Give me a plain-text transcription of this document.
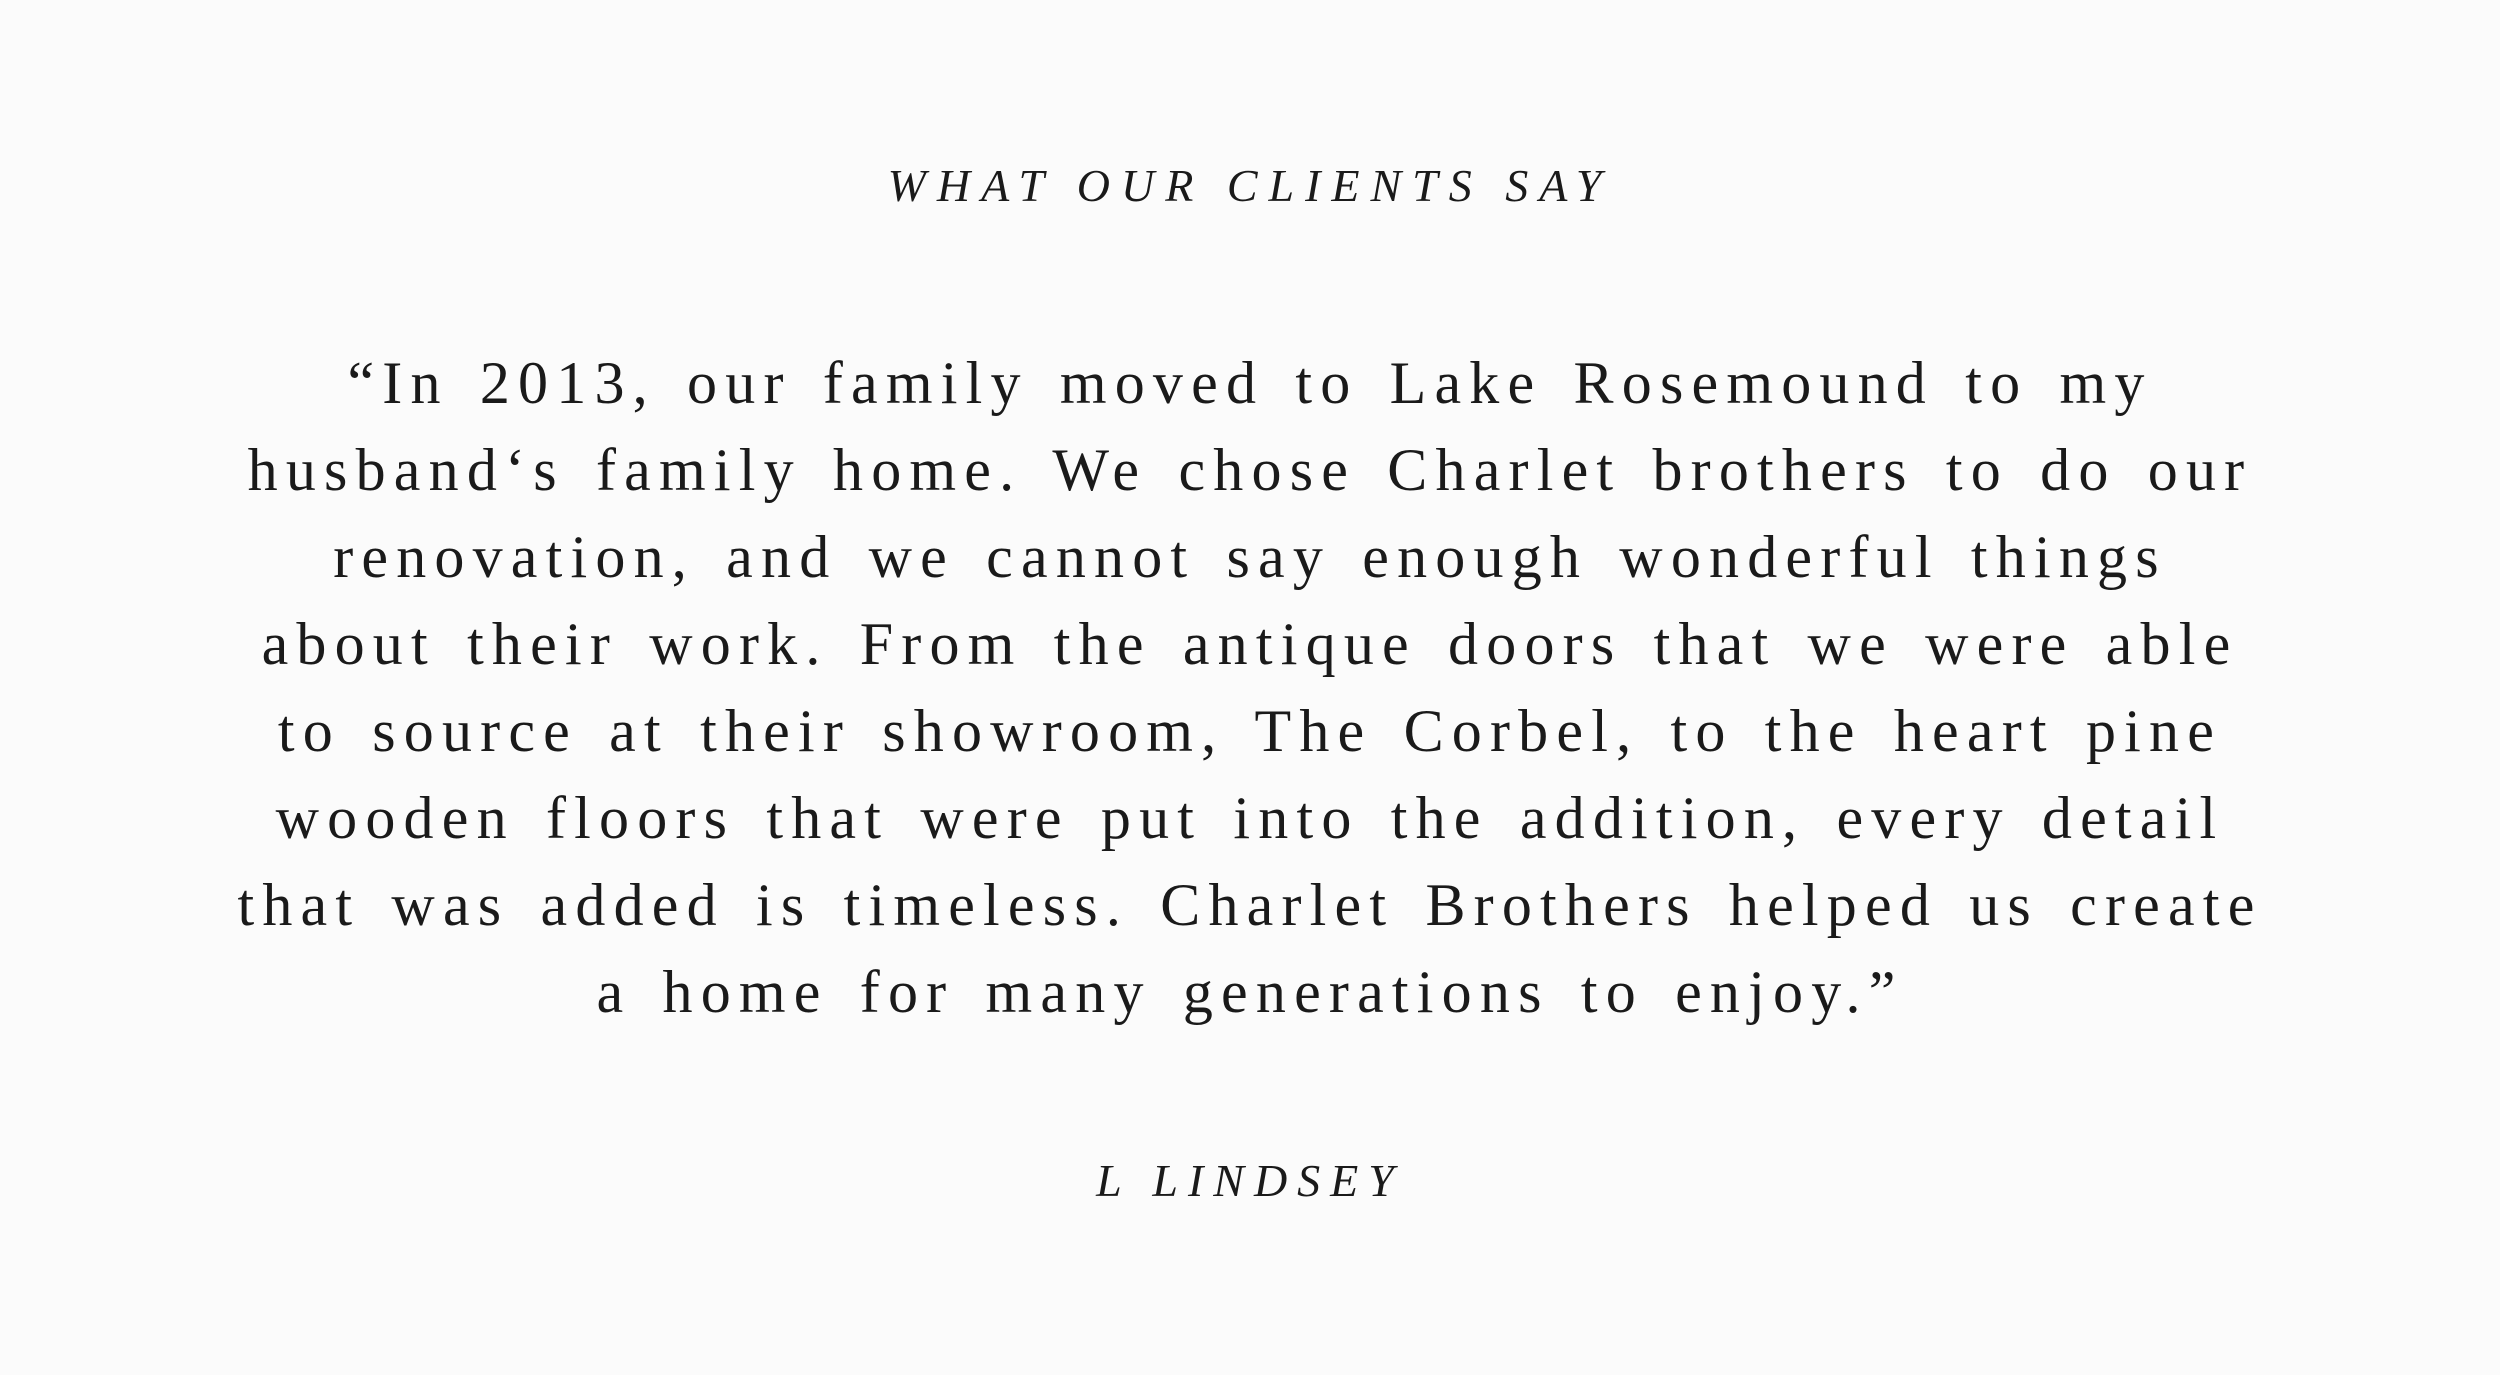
WHAT OUR CLIENTS SAY
“In 2013, our family moved to Lake Rosemound to my
husband‘s family home. We chose Charlet brothers to do our
renovation, and we cannot say enough wonderful things
about their work. From the antique doors that we were able
to source at their showroom, The Corbel, to the heart pine
wooden floors that were put into the addition, every detail
that was added is timeless. Charlet Brothers helped us create
a home for many generations to enjoy.”

L LINDSEY
